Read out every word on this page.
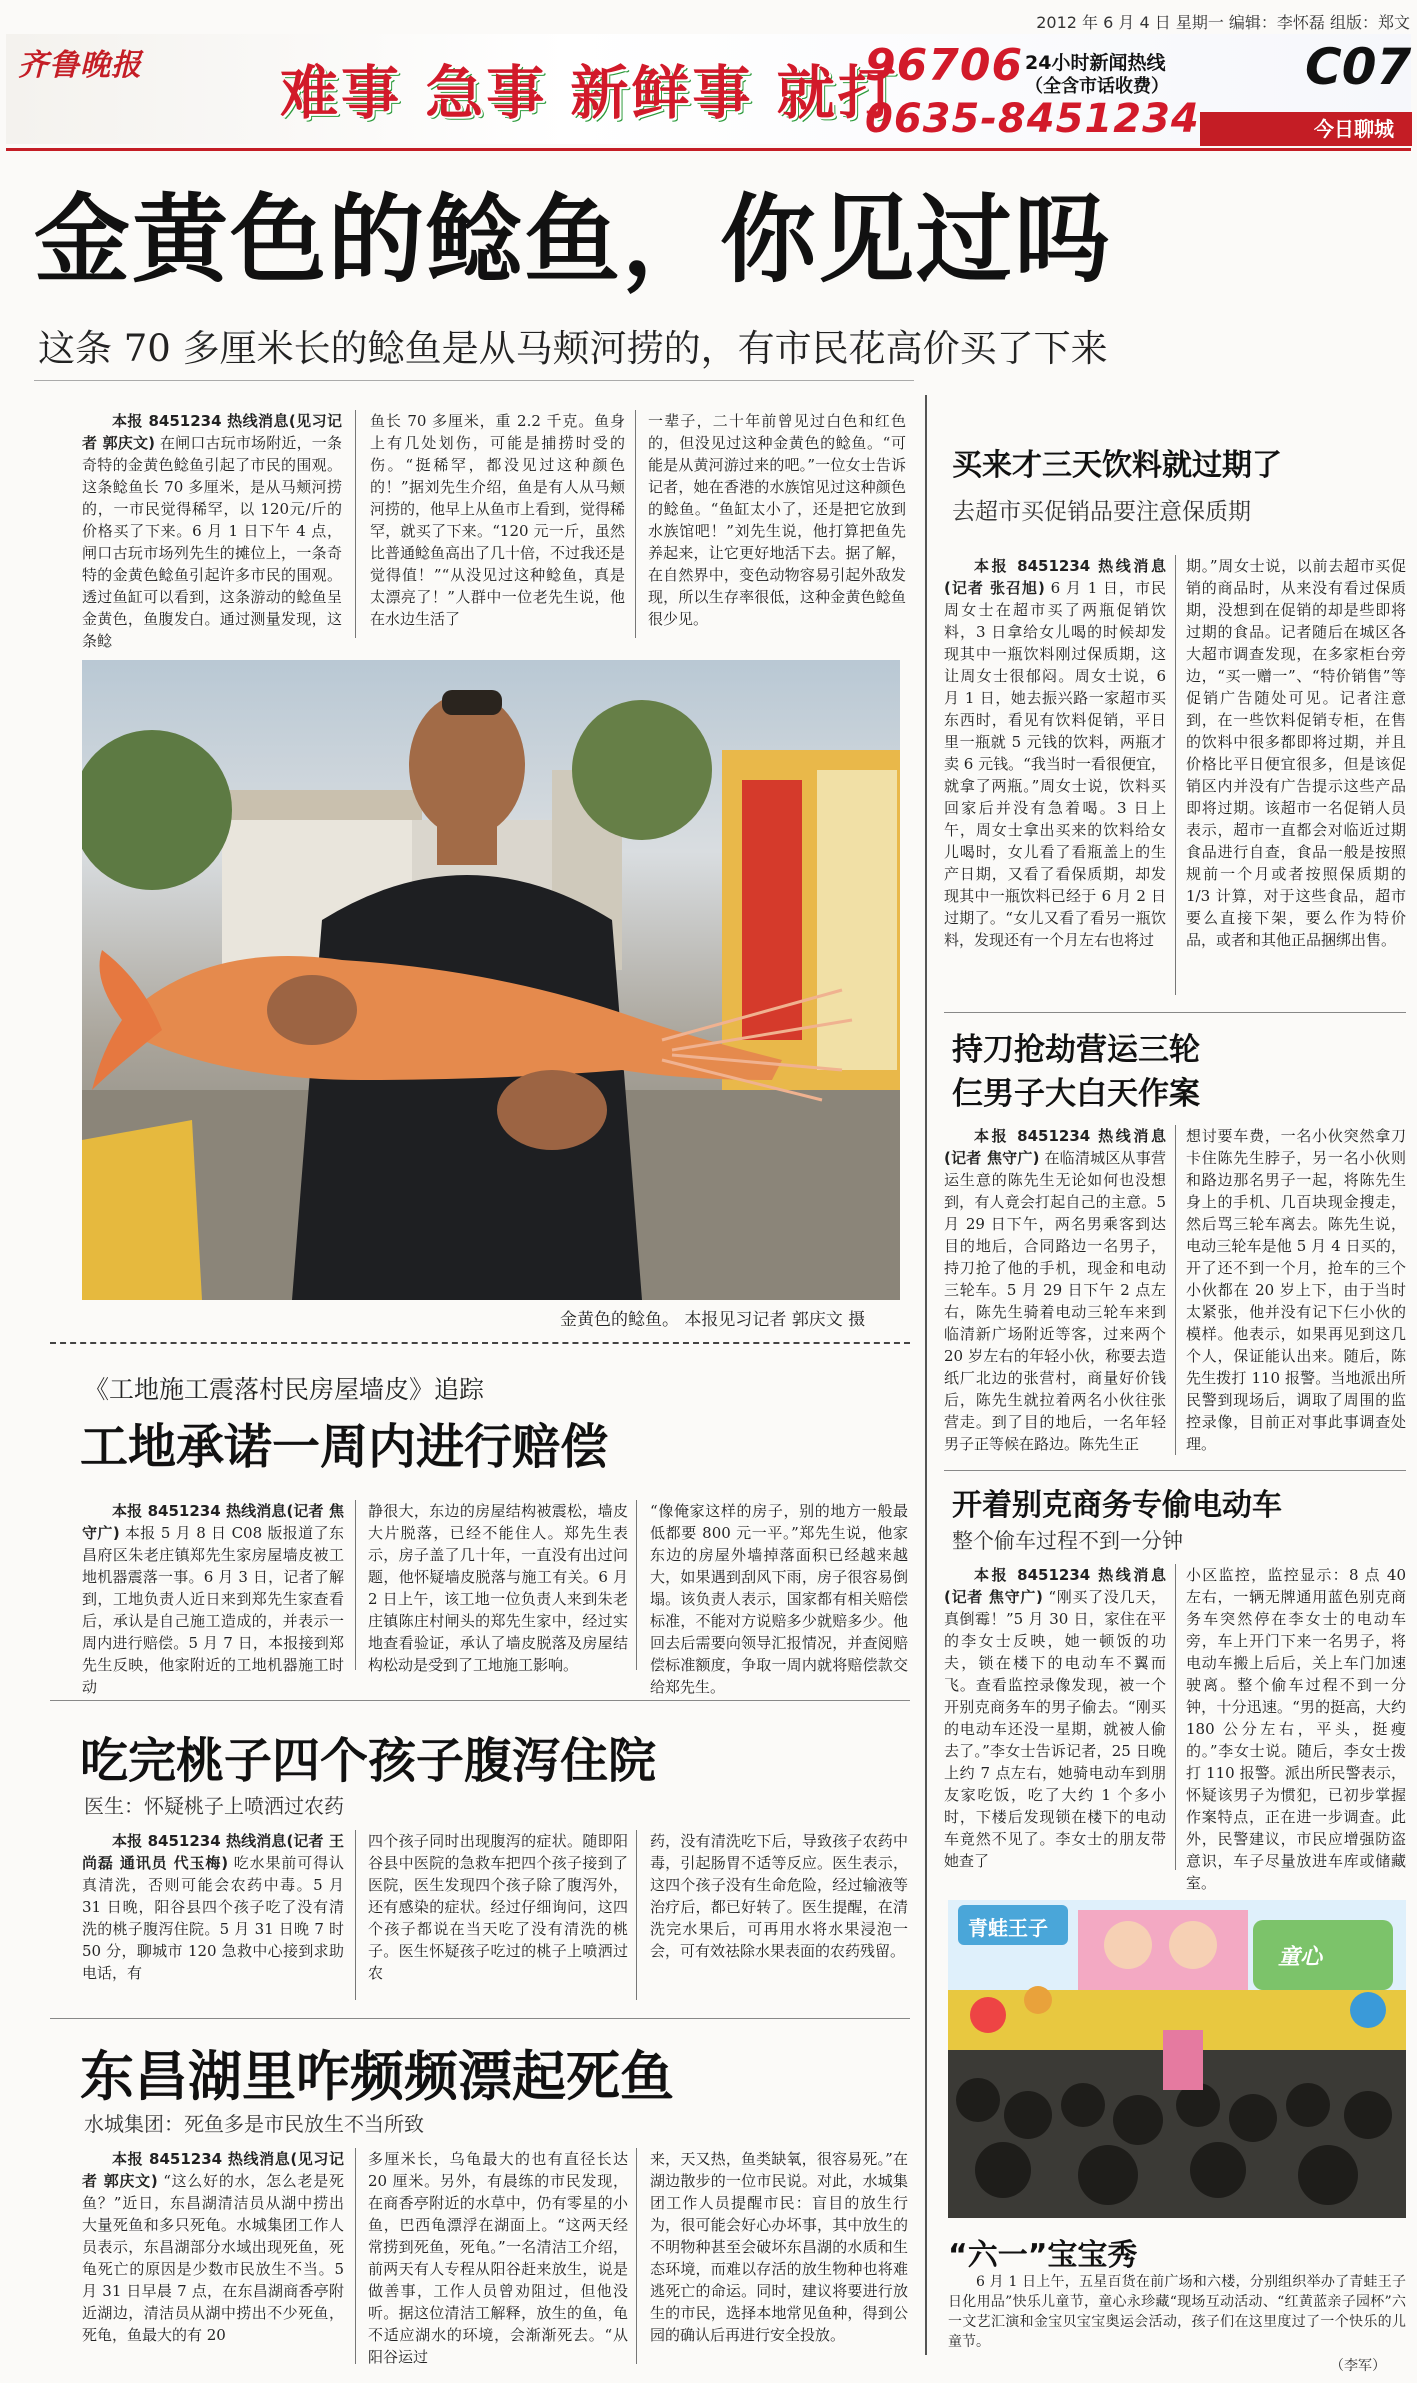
2012 年 6 月 4 日 星期一 编辑：李怀磊 组版：郑文
齐鲁晚报 难事 急事 新鲜事 就打
96706 24小时新闻热线
（全含市话收费）
0635-8451234
C07
今日聊城
金黄色的鲶鱼，你见过吗
这条 70 多厘米长的鲶鱼是从马颊河捞的，有市民花高价买了下来

本报 8451234 热线消息(见习记者 郭庆文) 在闸口古玩市场附近，一条奇特的金黄色鲶鱼引起了市民的围观。这条鲶鱼长 70 多厘米，是从马颊河捞的，一市民觉得稀罕，以 120元/斤的价格买了下来。6 月 1 日下午 4 点，闸口古玩市场列先生的摊位上，一条奇特的金黄色鲶鱼引起许多市民的围观。透过鱼缸可以看到，这条游动的鲶鱼呈金黄色，鱼腹发白。通过测量发现，这条鲶

鱼长 70 多厘米，重 2.2 千克。鱼身上有几处划伤，可能是捕捞时受的伤。“挺稀罕，都没见过这种颜色的！”据刘先生介绍，鱼是有人从马颊河捞的，他早上从鱼市上看到，觉得稀罕，就买了下来。“120 元一斤，虽然比普通鲶鱼高出了几十倍，不过我还是觉得值！”“从没见过这种鲶鱼，真是太漂亮了！”人群中一位老先生说，他在水边生活了

一辈子，二十年前曾见过白色和红色的，但没见过这种金黄色的鲶鱼。“可能是从黄河游过来的吧。”一位女士告诉记者，她在香港的水族馆见过这种颜色的鲶鱼。“鱼缸太小了，还是把它放到水族馆吧！”刘先生说，他打算把鱼先养起来，让它更好地活下去。据了解，在自然界中，变色动物容易引起外敌发现，所以生存率很低，这种金黄色鲶鱼很少见。

金黄色的鲶鱼。 本报见习记者 郭庆文 摄
《工地施工震落村民房屋墙皮》追踪
工地承诺一周内进行赔偿

本报 8451234 热线消息(记者 焦守广) 本报 5 月 8 日 C08 版报道了东昌府区朱老庄镇郑先生家房屋墙皮被工地机器震落一事。6 月 3 日，记者了解到，工地负责人近日来到郑先生家查看后，承认是自己施工造成的，并表示一周内进行赔偿。5 月 7 日，本报接到郑先生反映，他家附近的工地机器施工时动

静很大，东边的房屋结构被震松，墙皮大片脱落，已经不能住人。郑先生表示，房子盖了几十年，一直没有出过问题，他怀疑墙皮脱落与施工有关。6 月 2 日上午，该工地一位负责人来到朱老庄镇陈庄村闸头的郑先生家中，经过实地查看验证，承认了墙皮脱落及房屋结构松动是受到了工地施工影响。

“像俺家这样的房子，别的地方一般最低都要 800 元一平。”郑先生说，他家东边的房屋外墙掉落面积已经越来越大，如果遇到刮风下雨，房子很容易倒塌。该负责人表示，国家都有相关赔偿标准，不能对方说赔多少就赔多少。他回去后需要向领导汇报情况，并查阅赔偿标准额度，争取一周内就将赔偿款交给郑先生。

吃完桃子四个孩子腹泻住院
医生：怀疑桃子上喷洒过农药

本报 8451234 热线消息(记者 王尚磊 通讯员 代玉梅) 吃水果前可得认真清洗，否则可能会农药中毒。5 月 31 日晚，阳谷县四个孩子吃了没有清洗的桃子腹泻住院。5 月 31 日晚 7 时 50 分，聊城市 120 急救中心接到求助电话，有

四个孩子同时出现腹泻的症状。随即阳谷县中医院的急救车把四个孩子接到了医院，医生发现四个孩子除了腹泻外，还有感染的症状。经过仔细询问，这四个孩子都说在当天吃了没有清洗的桃子。医生怀疑孩子吃过的桃子上喷洒过农

药，没有清洗吃下后，导致孩子农药中毒，引起肠胃不适等反应。医生表示，这四个孩子没有生命危险，经过输液等治疗后，都已好转了。医生提醒，在清洗完水果后，可再用水将水果浸泡一会，可有效祛除水果表面的农药残留。

东昌湖里咋频频漂起死鱼
水城集团：死鱼多是市民放生不当所致

本报 8451234 热线消息(见习记者 郭庆文) “这么好的水，怎么老是死鱼？”近日，东昌湖清洁员从湖中捞出大量死鱼和多只死龟。水城集团工作人员表示，东昌湖部分水域出现死鱼，死龟死亡的原因是少数市民放生不当。5 月 31 日早晨 7 点，在东昌湖商香亭附近湖边，清洁员从湖中捞出不少死鱼，死龟，鱼最大的有 20

多厘米长，乌龟最大的也有直径长达 20 厘米。另外，有晨练的市民发现，在商香亭附近的水草中，仍有零星的小鱼，巴西龟漂浮在湖面上。“这两天经常捞到死鱼，死龟。”一名清洁工介绍，前两天有人专程从阳谷赶来放生，说是做善事，工作人员曾劝阻过，但他没听。据这位清洁工解释，放生的鱼，龟不适应湖水的环境，会渐渐死去。“从阳谷运过

来，天又热，鱼类缺氧，很容易死。”在湖边散步的一位市民说。对此，水城集团工作人员提醒市民：盲目的放生行为，很可能会好心办坏事，其中放生的不明物种甚至会破坏东昌湖的水质和生态环境，而难以存活的放生物种也将难逃死亡的命运。同时，建议将要进行放生的市民，选择本地常见鱼种，得到公园的确认后再进行安全投放。

买来才三天饮料就过期了
去超市买促销品要注意保质期

本报 8451234 热线消息(记者 张召旭) 6 月 1 日，市民周女士在超市买了两瓶促销饮料，3 日拿给女儿喝的时候却发现其中一瓶饮料刚过保质期，这让周女士很郁闷。周女士说，6 月 1 日，她去振兴路一家超市买东西时，看见有饮料促销，平日里一瓶就 5 元钱的饮料，两瓶才卖 6 元钱。“我当时一看很便宜，就拿了两瓶。”周女士说，饮料买回家后并没有急着喝。3 日上午，周女士拿出买来的饮料给女儿喝时，女儿看了看瓶盖上的生产日期，又看了看保质期，却发现其中一瓶饮料已经于 6 月 2 日过期了。“女儿又看了看另一瓶饮料，发现还有一个月左右也将过

期。”周女士说，以前去超市买促销的商品时，从来没有看过保质期，没想到在促销的却是些即将过期的食品。记者随后在城区各大超市调查发现，在多家柜台旁边，“买一赠一”、“特价销售”等促销广告随处可见。记者注意到，在一些饮料促销专柜，在售的饮料中很多都即将过期，并且价格比平日便宜很多，但是该促销区内并没有广告提示这些产品即将过期。该超市一名促销人员表示，超市一直都会对临近过期食品进行自查，食品一般是按照规前一个月或者按照保质期的 1/3 计算，对于这些食品，超市要么直接下架，要么作为特价品，或者和其他正品捆绑出售。

持刀抢劫营运三轮
仨男子大白天作案

本报 8451234 热线消息(记者 焦守广) 在临清城区从事营运生意的陈先生无论如何也没想到，有人竟会打起自己的主意。5 月 29 日下午，两名男乘客到达目的地后，合同路边一名男子，持刀抢了他的手机，现金和电动三轮车。5 月 29 日下午 2 点左右，陈先生骑着电动三轮车来到临清新广场附近等客，过来两个 20 岁左右的年轻小伙，称要去造纸厂北边的张营村，商量好价钱后，陈先生就拉着两名小伙往张营走。到了目的地后，一名年轻男子正等候在路边。陈先生正

想讨要车费，一名小伙突然拿刀卡住陈先生脖子，另一名小伙则和路边那名男子一起，将陈先生身上的手机、几百块现金搜走，然后骂三轮车离去。陈先生说，电动三轮车是他 5 月 4 日买的，开了还不到一个月，抢车的三个小伙都在 20 岁上下，由于当时太紧张，他并没有记下仨小伙的模样。他表示，如果再见到这几个人，保证能认出来。随后，陈先生拨打 110 报警。当地派出所民警到现场后，调取了周围的监控录像，目前正对事此事调查处理。

开着别克商务专偷电动车
整个偷车过程不到一分钟

本报 8451234 热线消息(记者 焦守广) “刚买了没几天，真倒霉！”5 月 30 日，家住在平的李女士反映，她一顿饭的功夫，锁在楼下的电动车不翼而飞。查看监控录像发现，被一个开别克商务车的男子偷去。“刚买的电动车还没一星期，就被人偷去了。”李女士告诉记者，25 日晚上约 7 点左右，她骑电动车到朋友家吃饭，吃了大约 1 个多小时，下楼后发现锁在楼下的电动车竟然不见了。李女士的朋友带她查了

小区监控，监控显示：8 点 40 左右，一辆无牌通用蓝色别克商务车突然停在李女士的电动车旁，车上开门下来一名男子，将电动车搬上后后，关上车门加速驶离。整个偷车过程不到一分钟，十分迅速。“男的挺高，大约 180 公分左右，平头，挺瘦的。”李女士说。随后，李女士拨打 110 报警。派出所民警表示，怀疑该男子为惯犯，已初步掌握作案特点，正在进一步调查。此外，民警建议，市民应增强防盗意识，车子尽量放进车库或储藏室。

青蛙王子
童心
“六一”宝宝秀

6 月 1 日上午，五星百货在前广场和六楼，分别组织举办了青蛙王子日化用品”快乐儿童节，童心永珍藏“现场互动活动、“红黄蓝亲子园杯”六一文艺汇演和金宝贝宝宝奥运会活动，孩子们在这里度过了一个快乐的儿童节。

（李军）
